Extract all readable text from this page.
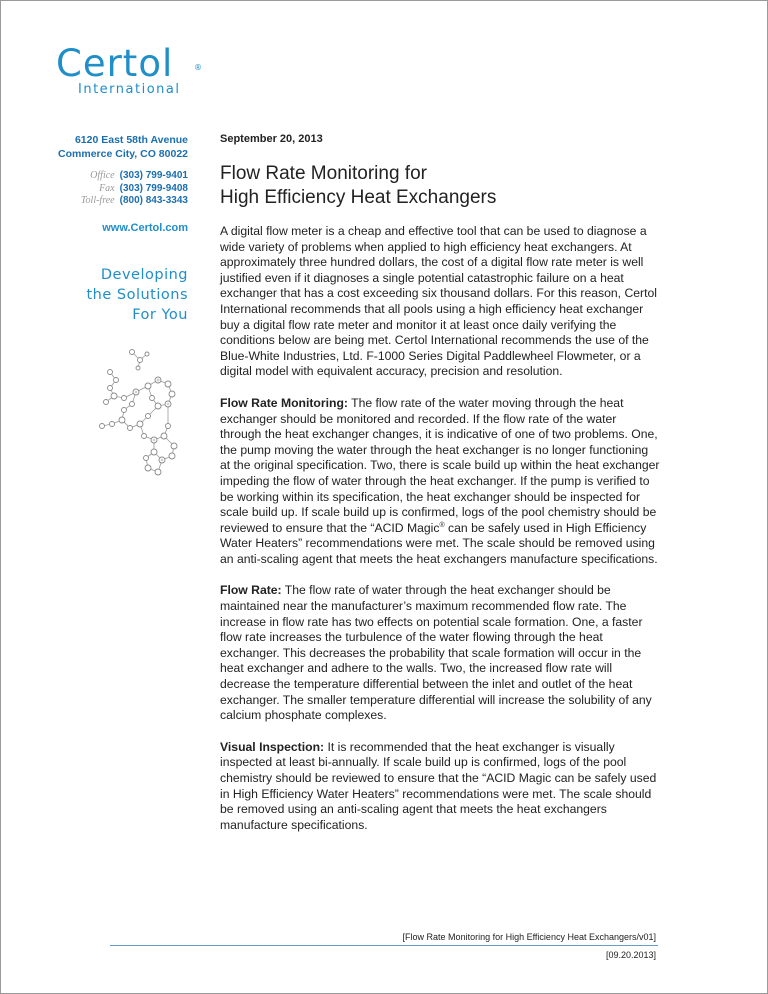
Certol	®
International
6120 East 58th Avenue
Commerce City, CO 80022
Office (303) 799-9401
Fax (303) 799-9408
Toll-free (800) 843-3343
www.Certol.com
Developing
the Solutions
For You
September 20, 2013
Flow Rate Monitoring for
High Efficiency Heat Exchangers

A digital flow meter is a cheap and effective tool that can be used to diagnose a wide variety of problems when applied to high efficiency heat exchangers. At approximately three hundred dollars, the cost of a digital flow rate meter is well justified even if it diagnoses a single potential catastrophic failure on a heat exchanger that has a cost exceeding six thousand dollars. For this reason, Certol International recommends that all pools using a high efficiency heat exchanger buy a digital flow rate meter and monitor it at least once daily verifying the conditions below are being met. Certol International recommends the use of the Blue-White Industries, Ltd. F-1000 Series Digital Paddlewheel Flowmeter, or a digital model with equivalent accuracy, precision and resolution.

Flow Rate Monitoring: The flow rate of the water moving through the heat exchanger should be monitored and recorded. If the flow rate of the water through the heat exchanger changes, it is indicative of one of two problems. One, the pump moving the water through the heat exchanger is no longer functioning at the original specification. Two, there is scale build up within the heat exchanger impeding the flow of water through the heat exchanger. If the pump is verified to be working within its specification, the heat exchanger should be inspected for scale build up. If scale build up is confirmed, logs of the pool chemistry should be reviewed to ensure that the “ACID Magic® can be safely used in High Efficiency Water Heaters” recommendations were met. The scale should be removed using an anti-scaling agent that meets the heat exchangers manufacture specifications.

Flow Rate: The flow rate of water through the heat exchanger should be maintained near the manufacturer’s maximum recommended flow rate. The increase in flow rate has two effects on potential scale formation. One, a faster flow rate increases the turbulence of the water flowing through the heat exchanger. This decreases the probability that scale formation will occur in the heat exchanger and adhere to the walls. Two, the increased flow rate will decrease the temperature differential between the inlet and outlet of the heat exchanger. The smaller temperature differential will increase the solubility of any calcium phosphate complexes.

Visual Inspection: It is recommended that the heat exchanger is visually inspected at least bi-annually. If scale build up is confirmed, logs of the pool chemistry should be reviewed to ensure that the “ACID Magic can be safely used in High Efficiency Water Heaters” recommendations were met. The scale should be removed using an anti-scaling agent that meets the heat exchangers manufacture specifications.

[Flow Rate Monitoring for High Efficiency Heat Exchangers/v01]
[09.20.2013]
